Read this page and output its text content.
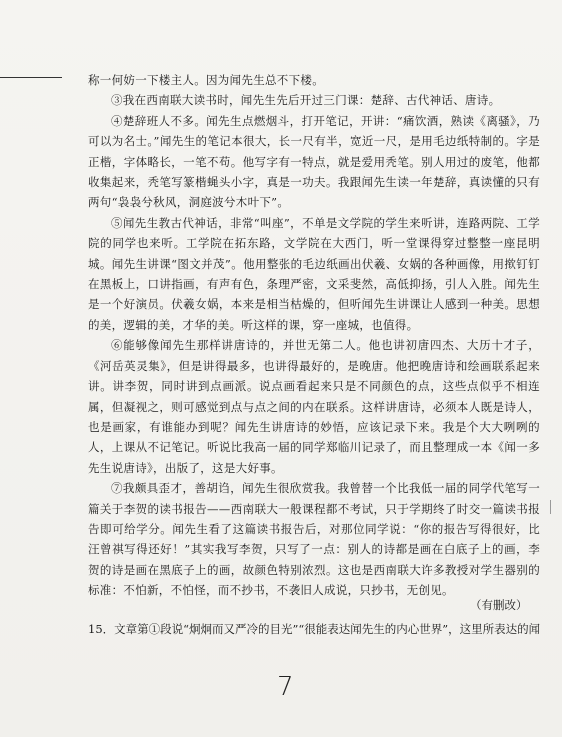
称一何妨一下楼主人。因为闻先生总不下楼。

③我在西南联大读书时，闻先生先后开过三门课：楚辞、古代神话、唐诗。

④楚辞班人不多。闻先生点燃烟斗，打开笔记，开讲：“痛饮酒，熟读《离骚》，乃可以为名士。”闻先生的笔记本很大，长一尺有半，宽近一尺，是用毛边纸特制的。字是正楷，字体略长，一笔不苟。他写字有一特点，就是爱用秃笔。别人用过的废笔，他都收集起来，秃笔写篆楷蝇头小字，真是一功夫。我跟闻先生读一年楚辞，真读懂的只有两句“袅袅兮秋风，洞庭波兮木叶下”。

⑤闻先生教古代神话，非常“叫座”，不单是文学院的学生来听讲，连路两院、工学院的同学也来听。工学院在拓东路，文学院在大西门，听一堂课得穿过整整一座昆明城。闻先生讲课“图文并茂”。他用整张的毛边纸画出伏羲、女娲的各种画像，用揿钉钉在黑板上，口讲指画，有声有色，条理严密，文采斐然，高低抑扬，引人入胜。闻先生是一个好演员。伏羲女娲，本来是相当枯燥的，但听闻先生讲课让人感到一种美。思想的美，逻辑的美，才华的美。听这样的课，穿一座城，也值得。

⑥能够像闻先生那样讲唐诗的，并世无第二人。他也讲初唐四杰、大历十才子，《河岳英灵集》，但是讲得最多，也讲得最好的，是晚唐。他把晚唐诗和绘画联系起来讲。讲李贺，同时讲到点画派。说点画看起来只是不同颜色的点，这些点似乎不相连属，但凝视之，则可感觉到点与点之间的内在联系。这样讲唐诗，必须本人既是诗人，也是画家，有谁能办到呢？闻先生讲唐诗的妙悟，应该记录下来。我是个大大咧咧的人，上课从不记笔记。听说比我高一届的同学郑临川记录了，而且整理成一本《闻一多先生说唐诗》，出版了，这是大好事。

⑦我颇具歪才，善胡诌，闻先生很欣赏我。我曾替一个比我低一届的同学代笔写一篇关于李贺的读书报告——西南联大一般课程都不考试，只于学期终了时交一篇读书报告即可给学分。闻先生看了这篇读书报告后，对那位同学说：“你的报告写得很好，比汪曾祺写得还好！”其实我写李贺，只写了一点：别人的诗都是画在白底子上的画，李贺的诗是画在黑底子上的画，故颜色特别浓烈。这也是西南联大许多教授对学生器别的标准：不怕新，不怕怪，而不抄书，不袭旧人成说，只抄书，无创见。

（有删改）
15．文章第①段说“炯炯而又严冷的目光”“很能表达闻先生的内心世界”，这里所表达的闻
7
